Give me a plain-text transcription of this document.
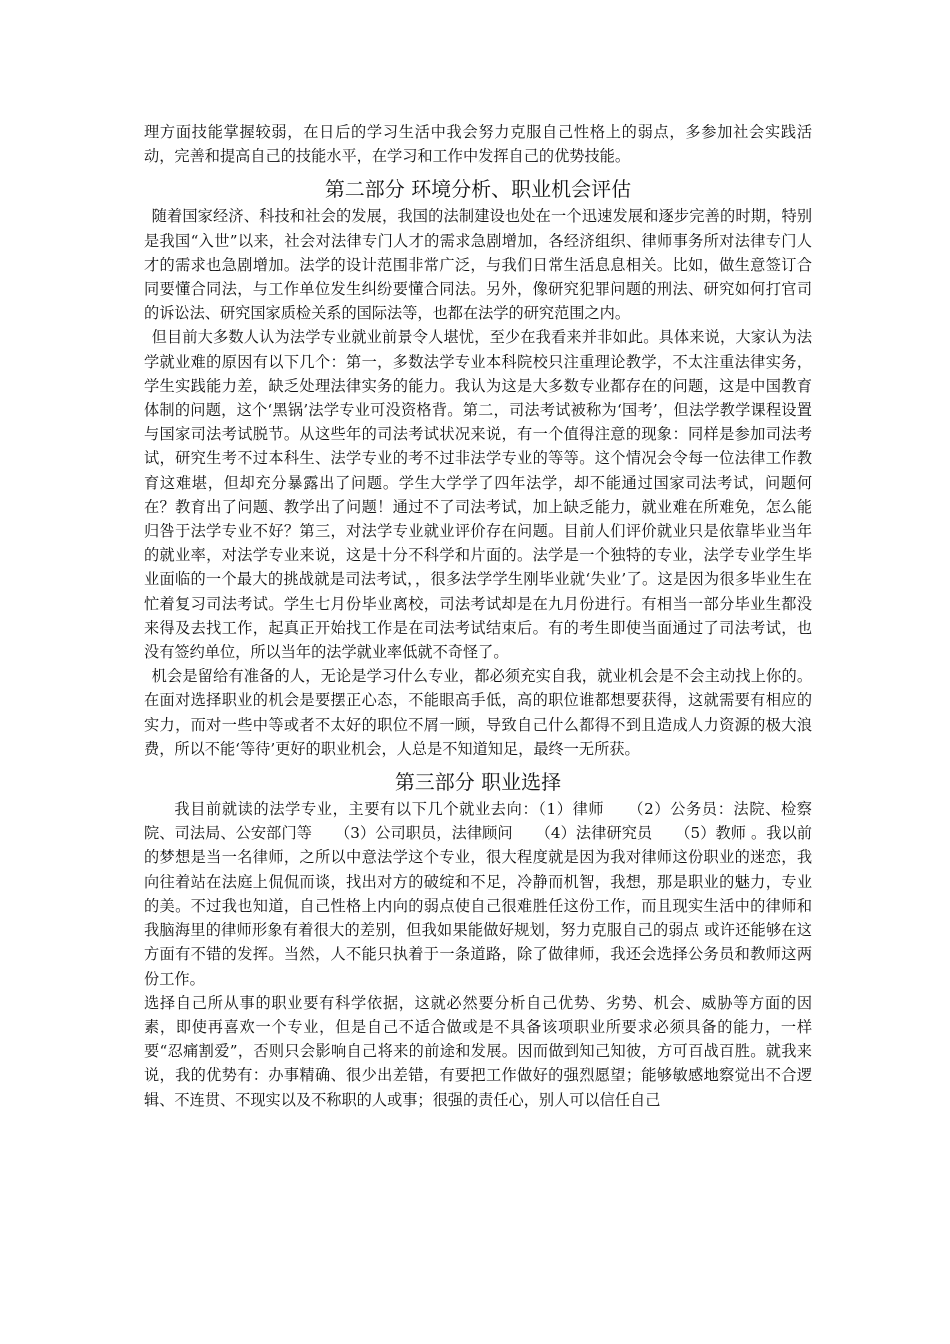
理方面技能掌握较弱，在日后的学习生活中我会努力克服自己性格上的弱点，多参加社会实践活动，完善和提高自己的技能水平，在学习和工作中发挥自己的优势技能。

第二部分 环境分析、职业机会评估

随着国家经济、科技和社会的发展，我国的法制建设也处在一个迅速发展和逐步完善的时期，特别是我国“入世”以来，社会对法律专门人才的需求急剧增加，各经济组织、律师事务所对法律专门人才的需求也急剧增加。法学的设计范围非常广泛，与我们日常生活息息相关。比如，做生意签订合同要懂合同法，与工作单位发生纠纷要懂合同法。另外，像研究犯罪问题的刑法、研究如何打官司的诉讼法、研究国家质检关系的国际法等，也都在法学的研究范围之内。

但目前大多数人认为法学专业就业前景令人堪忧，至少在我看来并非如此。具体来说，大家认为法学就业难的原因有以下几个：第一，多数法学专业本科院校只注重理论教学，不太注重法律实务，学生实践能力差，缺乏处理法律实务的能力。我认为这是大多数专业都存在的问题，这是中国教育体制的问题，这个‘黑锅’法学专业可没资格背。第二，司法考试被称为‘国考’，但法学教学课程设置与国家司法考试脱节。从这些年的司法考试状况来说，有一个值得注意的现象：同样是参加司法考试，研究生考不过本科生、法学专业的考不过非法学专业的等等。这个情况会令每一位法律工作教育这难堪，但却充分暴露出了问题。学生大学学了四年法学，却不能通过国家司法考试，问题何在？教育出了问题、教学出了问题！通过不了司法考试，加上缺乏能力，就业难在所难免，怎么能归咎于法学专业不好？第三，对法学专业就业评价存在问题。目前人们评价就业只是依靠毕业当年的就业率，对法学专业来说，这是十分不科学和片面的。法学是一个独特的专业，法学专业学生毕业面临的一个最大的挑战就是司法考试，，很多法学学生刚毕业就‘失业’了。这是因为很多毕业生在忙着复习司法考试。学生七月份毕业离校，司法考试却是在九月份进行。有相当一部分毕业生都没来得及去找工作，起真正开始找工作是在司法考试结束后。有的考生即使当面通过了司法考试，也没有签约单位，所以当年的法学就业率低就不奇怪了。

机会是留给有准备的人，无论是学习什么专业，都必须充实自我，就业机会是不会主动找上你的。在面对选择职业的机会是要摆正心态，不能眼高手低，高的职位谁都想要获得，这就需要有相应的实力，而对一些中等或者不太好的职位不屑一顾，导致自己什么都得不到且造成人力资源的极大浪费，所以不能‘等待’更好的职业机会，人总是不知道知足，最终一无所获。

第三部分 职业选择

我目前就读的法学专业，主要有以下几个就业去向：（1）律师　　（2）公务员：法院、检察院、司法局、公安部门等　　（3）公司职员，法律顾问　　（4）法律研究员　　（5）教师 。我以前的梦想是当一名律师，之所以中意法学这个专业，很大程度就是因为我对律师这份职业的迷恋，我向往着站在法庭上侃侃而谈，找出对方的破绽和不足，冷静而机智，我想，那是职业的魅力，专业的美。不过我也知道，自己性格上内向的弱点使自己很难胜任这份工作，而且现实生活中的律师和我脑海里的律师形象有着很大的差别，但我如果能做好规划，努力克服自己的弱点 或许还能够在这方面有不错的发挥。当然，人不能只执着于一条道路，除了做律师，我还会选择公务员和教师这两份工作。

选择自己所从事的职业要有科学依据，这就必然要分析自己优势、劣势、机会、威胁等方面的因素，即使再喜欢一个专业，但是自己不适合做或是不具备该项职业所要求必须具备的能力，一样要“忍痛割爱”，否则只会影响自己将来的前途和发展。因而做到知己知彼，方可百战百胜。就我来说，我的优势有：办事精确、很少出差错，有要把工作做好的强烈愿望；能够敏感地察觉出不合逻辑、不连贯、不现实以及不称职的人或事；很强的责任心，别人可以信任自己
